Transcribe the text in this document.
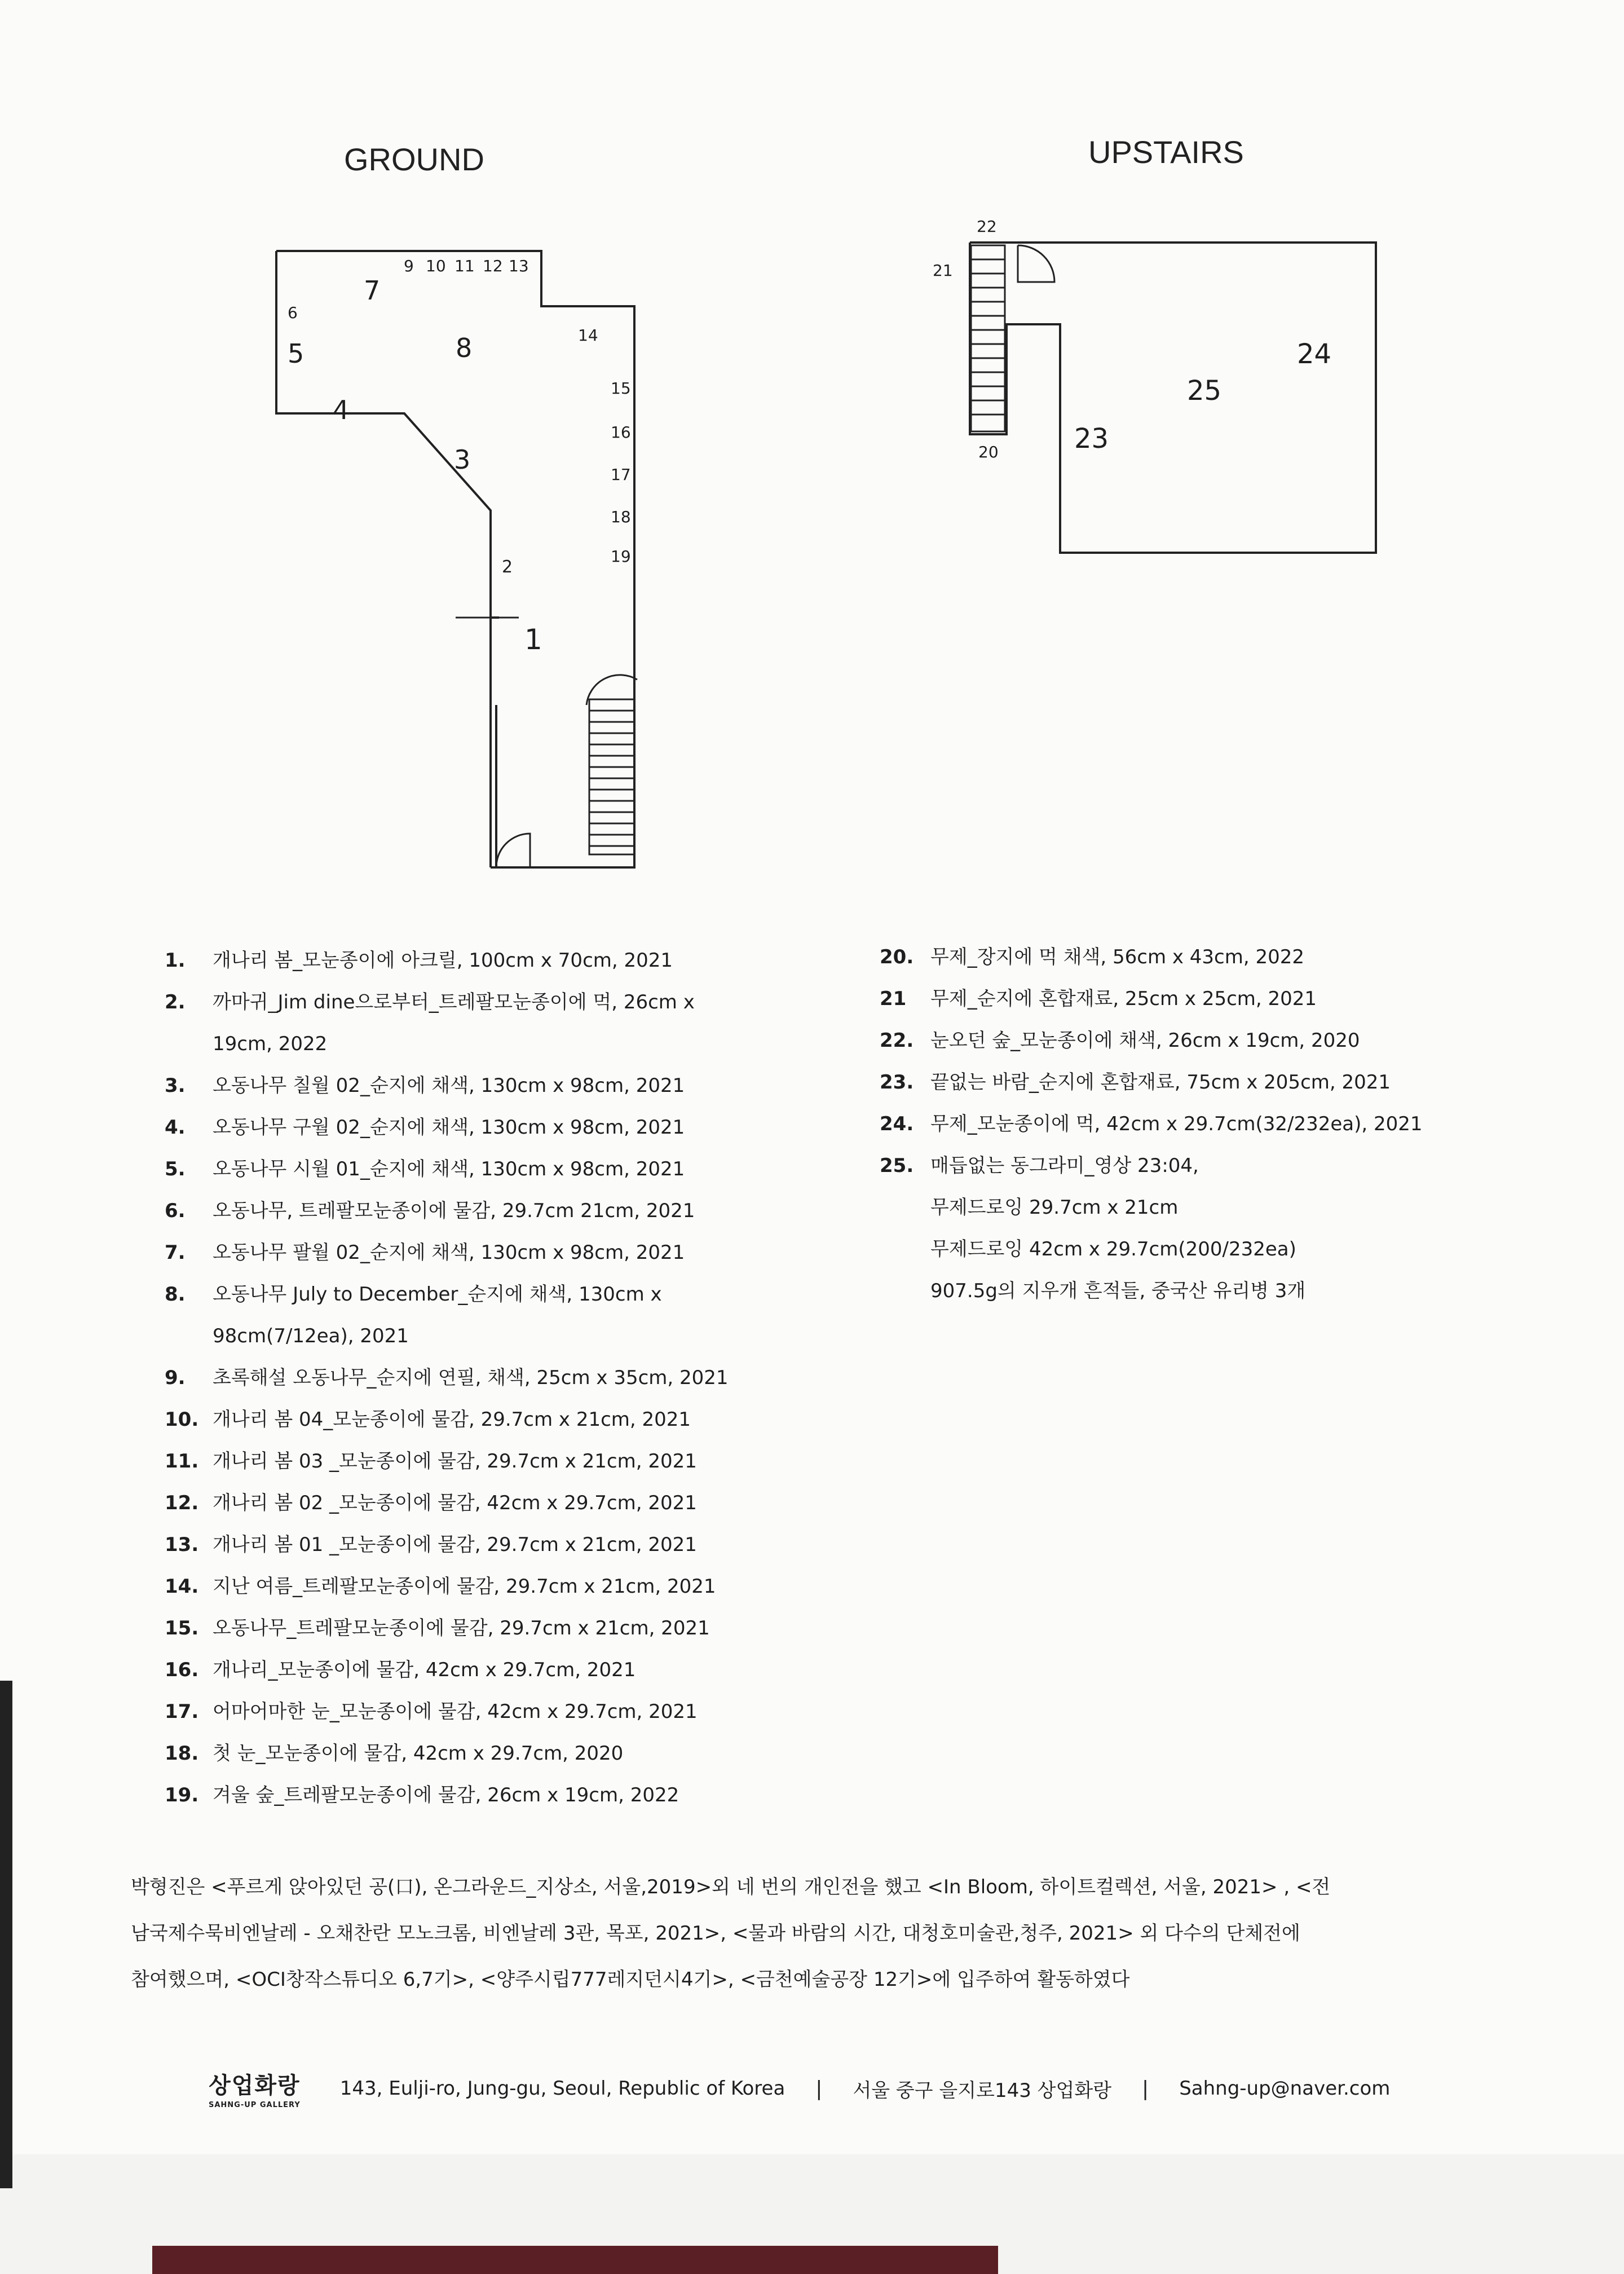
GROUND
1
2
3
4
5
6
7
8
9 10 11 12 13
14
15
16
17
18
19
UPSTAIRS
20
21
22
23
24
25
1. 개나리 봄_모눈종이에 아크릴, 100cm x 70cm, 2021
2. 까마귀_Jim dine으로부터_트레팔모눈종이에 먹, 26cm x
19cm, 2022
3. 오동나무 칠월 02_순지에 채색, 130cm x 98cm, 2021
4. 오동나무 구월 02_순지에 채색, 130cm x 98cm, 2021
5. 오동나무 시월 01_순지에 채색, 130cm x 98cm, 2021
6. 오동나무, 트레팔모눈종이에 물감, 29.7cm 21cm, 2021
7. 오동나무 팔월 02_순지에 채색, 130cm x 98cm, 2021
8. 오동나무 July to December_순지에 채색, 130cm x
98cm(7/12ea), 2021
9. 초록해설 오동나무_순지에 연필, 채색, 25cm x 35cm, 2021
10. 개나리 봄 04_모눈종이에 물감, 29.7cm x 21cm, 2021
11. 개나리 봄 03 _모눈종이에 물감, 29.7cm x 21cm, 2021
12. 개나리 봄 02 _모눈종이에 물감, 42cm x 29.7cm, 2021
13. 개나리 봄 01 _모눈종이에 물감, 29.7cm x 21cm, 2021
14. 지난 여름_트레팔모눈종이에 물감, 29.7cm x 21cm, 2021
15. 오동나무_트레팔모눈종이에 물감, 29.7cm x 21cm, 2021
16. 개나리_모눈종이에 물감, 42cm x 29.7cm, 2021
17. 어마어마한 눈_모눈종이에 물감, 42cm x 29.7cm, 2021
18. 첫 눈_모눈종이에 물감, 42cm x 29.7cm, 2020
19. 겨울 숲_트레팔모눈종이에 물감, 26cm x 19cm, 2022
20. 무제_장지에 먹 채색, 56cm x 43cm, 2022
21 무제_순지에 혼합재료, 25cm x 25cm, 2021
22. 눈오던 숲_모눈종이에 채색, 26cm x 19cm, 2020
23. 끝없는 바람_순지에 혼합재료, 75cm x 205cm, 2021
24. 무제_모눈종이에 먹, 42cm x 29.7cm(32/232ea), 2021
25. 매듭없는 동그라미_영상 23:04,
무제드로잉 29.7cm x 21cm
무제드로잉 42cm x 29.7cm(200/232ea)
907.5g의 지우개 흔적들, 중국산 유리병 3개
박형진은 <푸르게 앉아있던 공(口), 온그라운드_지상소, 서울,2019>외 네 번의 개인전을 했고 <In Bloom, 하이트컬렉션, 서울, 2021> , <전
남국제수묵비엔날레 - 오채찬란 모노크롬, 비엔날레 3관, 목포, 2021>, <물과 바람의 시간, 대청호미술관,청주, 2021> 외 다수의 단체전에
참여했으며, <OCI창작스튜디오 6,7기>, <양주시립777레지던시4기>, <금천예술공장 12기>에 입주하여 활동하였다
상업화랑
SAHNG-UP GALLERY
143, Eulji-ro, Jung-gu, Seoul, Republic of Korea | 서울 중구 을지로143 상업화랑 | Sahng-up@naver.com
